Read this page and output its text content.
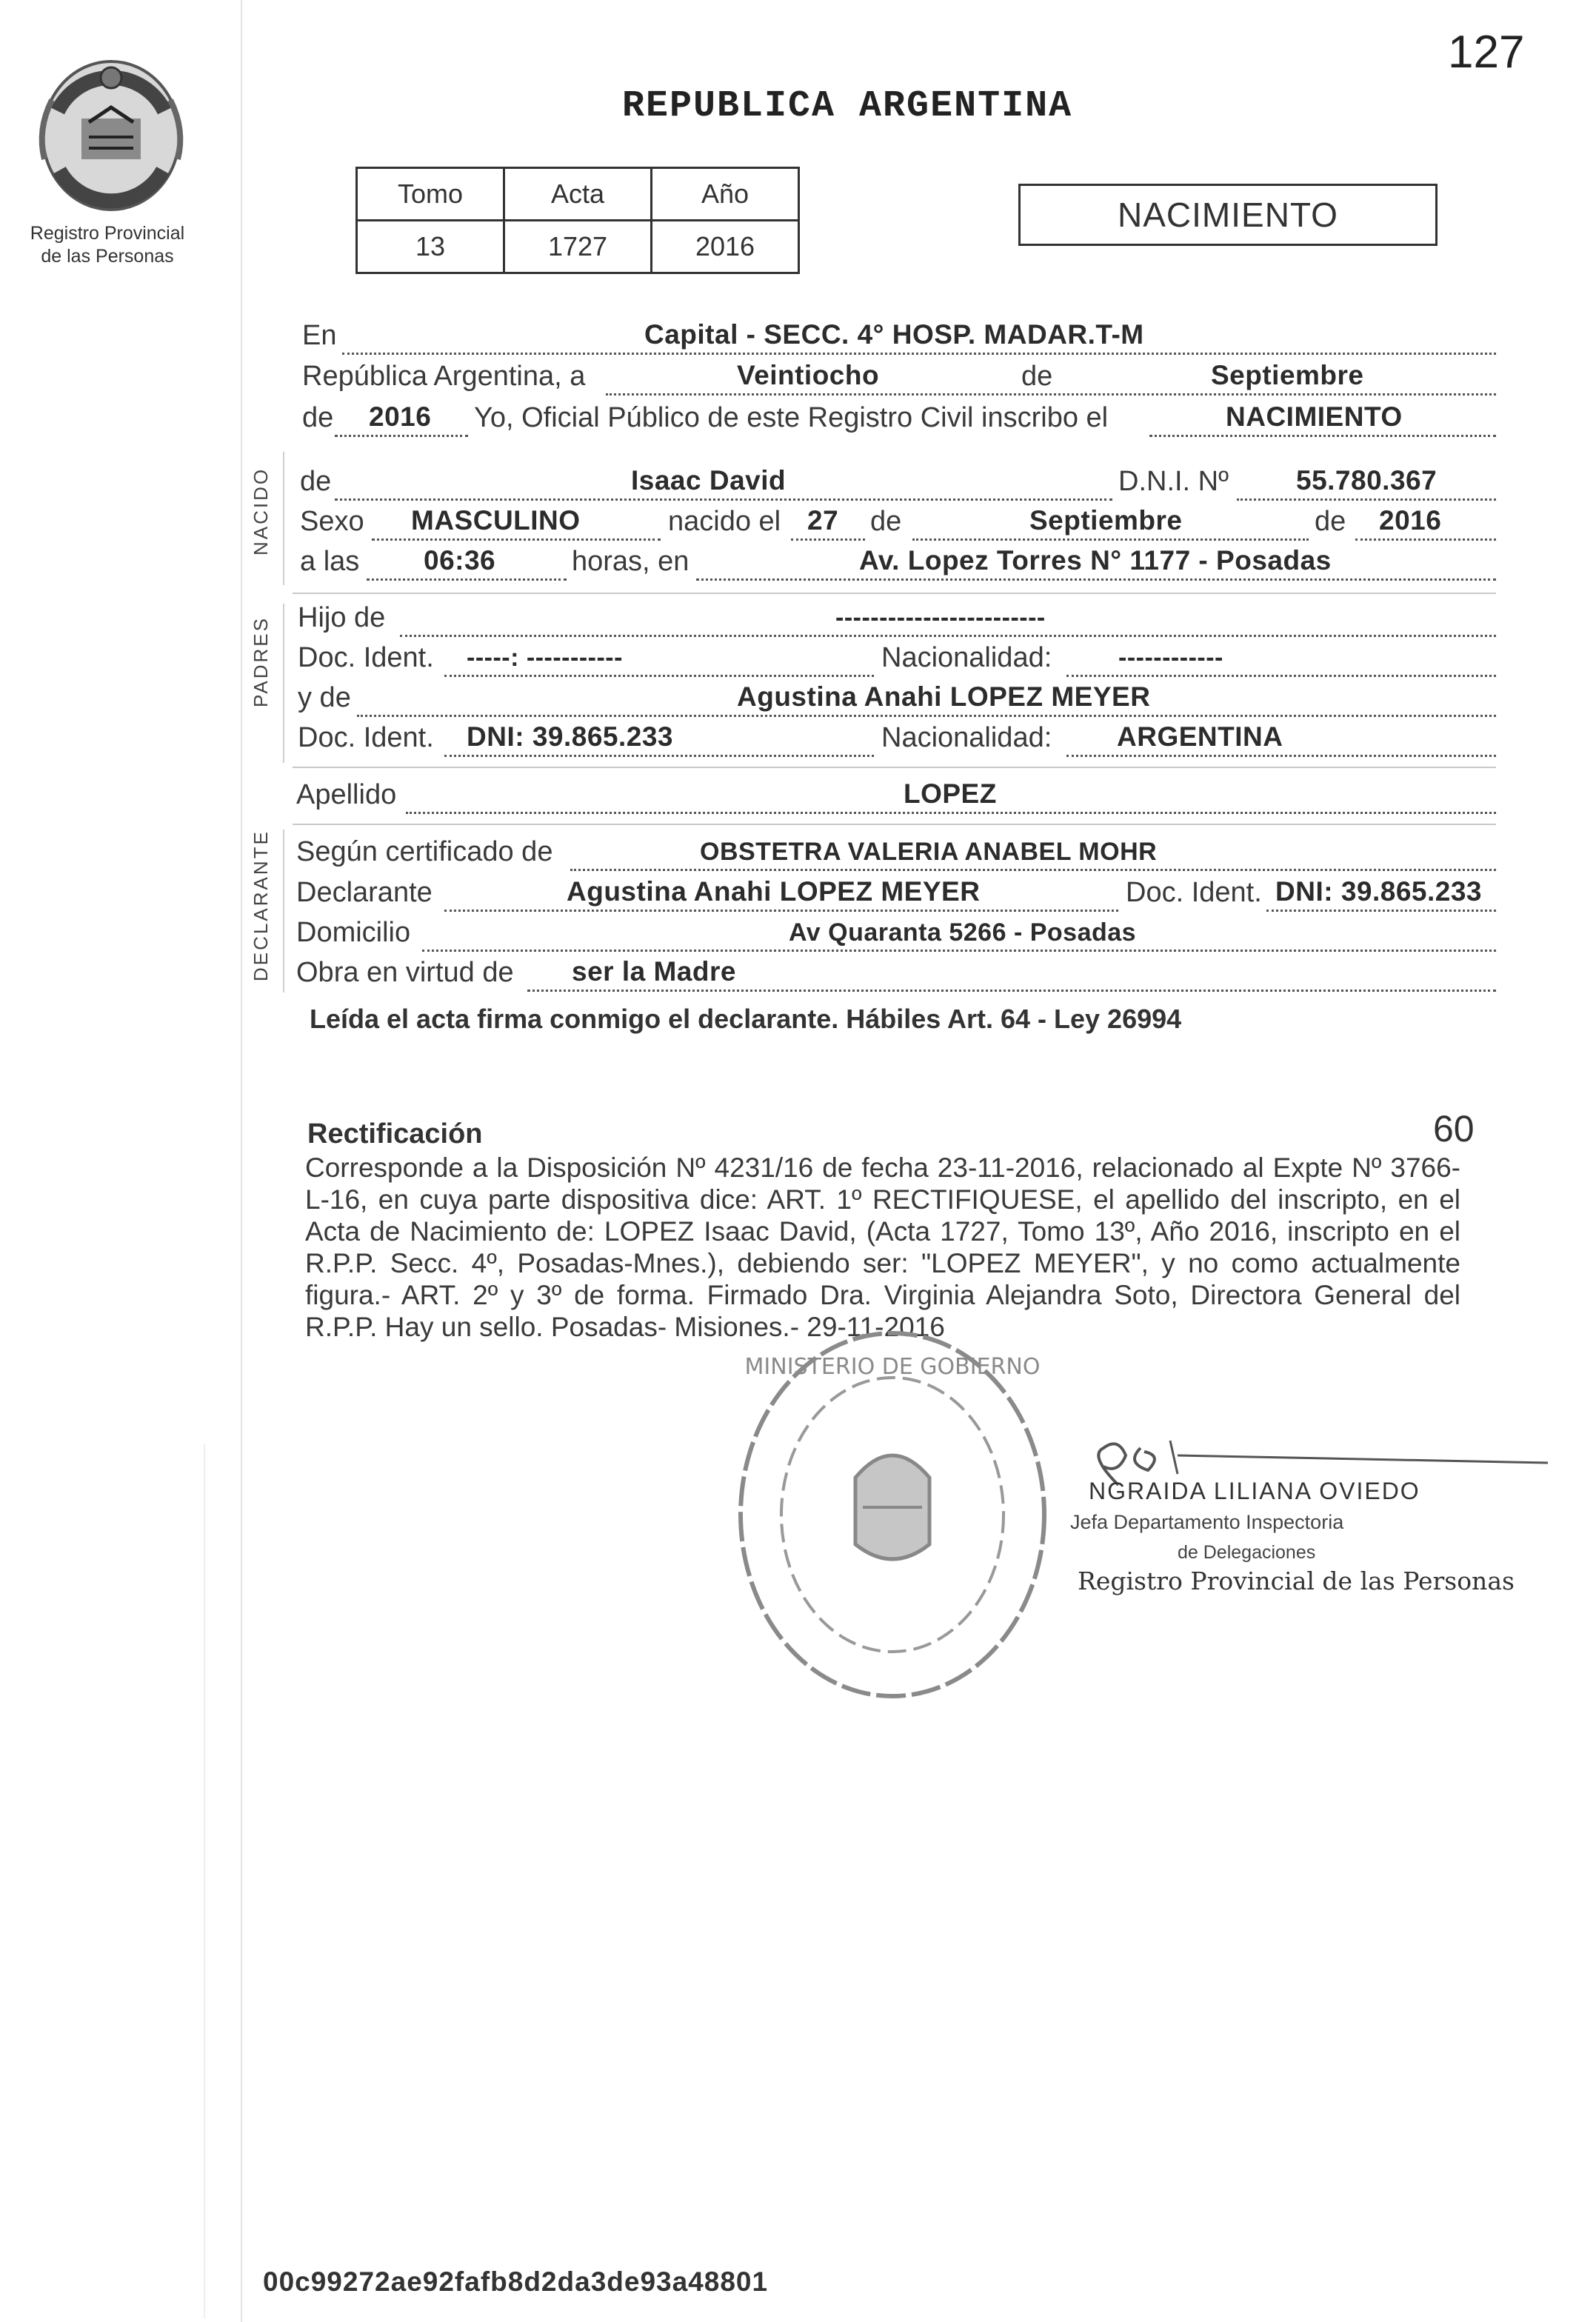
Registro Provincial
de las Personas
127
REPUBLICA ARGENTINA
Tomo	Acta	Año
13	1727	2016
NACIMIENTO
En	Capital - SECC. 4° HOSP. MADAR.T-M
República Argentina, a	Veintiocho	de	Septiembre
de 2016 Yo, Oficial Público de este Registro Civil inscribo el	NACIMIENTO
NACIDO de	Isaac David	D.N.I. Nº 55.780.367
Sexo MASCULINO	nacido el 27 de	Septiembre	de 2016
a las 06:36	horas, en	Av. Lopez Torres N° 1177 - Posadas
PADRES Hijo de	------------------------
Doc. Ident. -----: -----------	Nacionalidad:	------------
y de	Agustina Anahi LOPEZ MEYER
Doc. Ident. DNI: 39.865.233	Nacionalidad: ARGENTINA
Apellido	LOPEZ
DECLARANTE Según certificado de	OBSTETRA VALERIA ANABEL MOHR
Declarante	Agustina Anahi LOPEZ MEYER	Doc. Ident. DNI: 39.865.233
Domicilio	Av Quaranta 5266 - Posadas
Obra en virtud de ser la Madre
Leída el acta firma conmigo el declarante. Hábiles Art. 64 - Ley 26994
Rectificación	60
Corresponde a la Disposición Nº 4231/16 de fecha 23-11-2016, relacionado al Expte Nº 3766-L-16, en cuya parte dispositiva dice: ART. 1º RECTIFIQUESE, el apellido del inscripto, en el Acta de Nacimiento de: LOPEZ Isaac David, (Acta 1727, Tomo 13º, Año 2016, inscripto en el R.P.P. Secc. 4º, Posadas-Mnes.), debiendo ser: "LOPEZ MEYER", y no como actualmente figura.- ART. 2º y 3º de forma. Firmado Dra. Virginia Alejandra Soto, Directora General del R.P.P. Hay un sello. Posadas- Misiones.- 29-11-2016
MINISTERIO DE GOBIERNO
NGRAIDA LILIANA OVIEDO
Jefa Departamento Inspectoria
de Delegaciones
Registro Provincial de las Personas
00c99272ae92fafb8d2da3de93a48801
